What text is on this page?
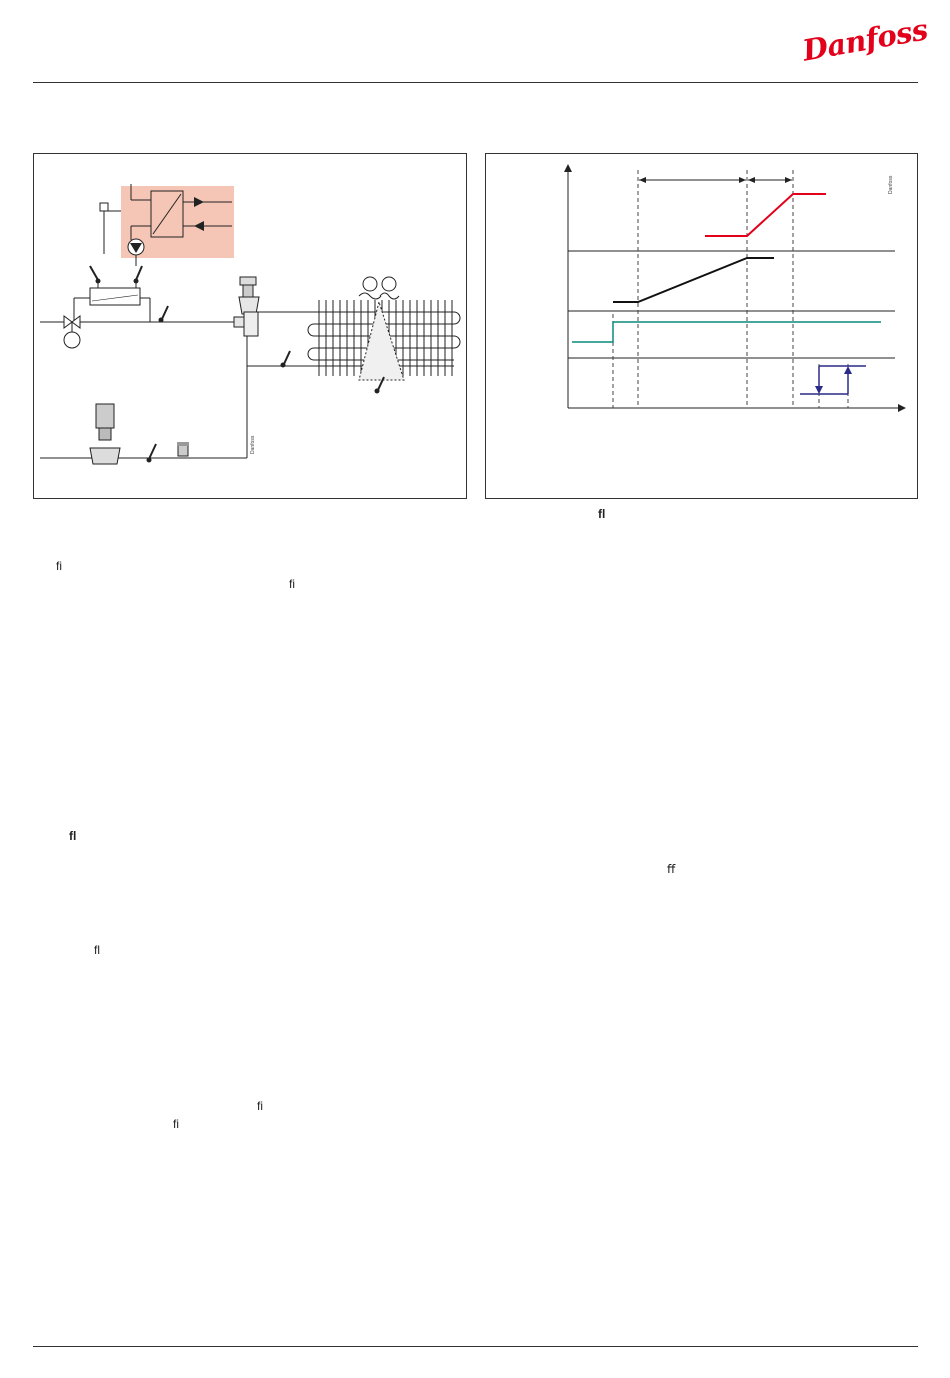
Danfoss
Danfoss
Danfoss
ﬂ
ﬁ
ﬁ
ﬂ
ﬀ
ﬂ
ﬁ
ﬁ
